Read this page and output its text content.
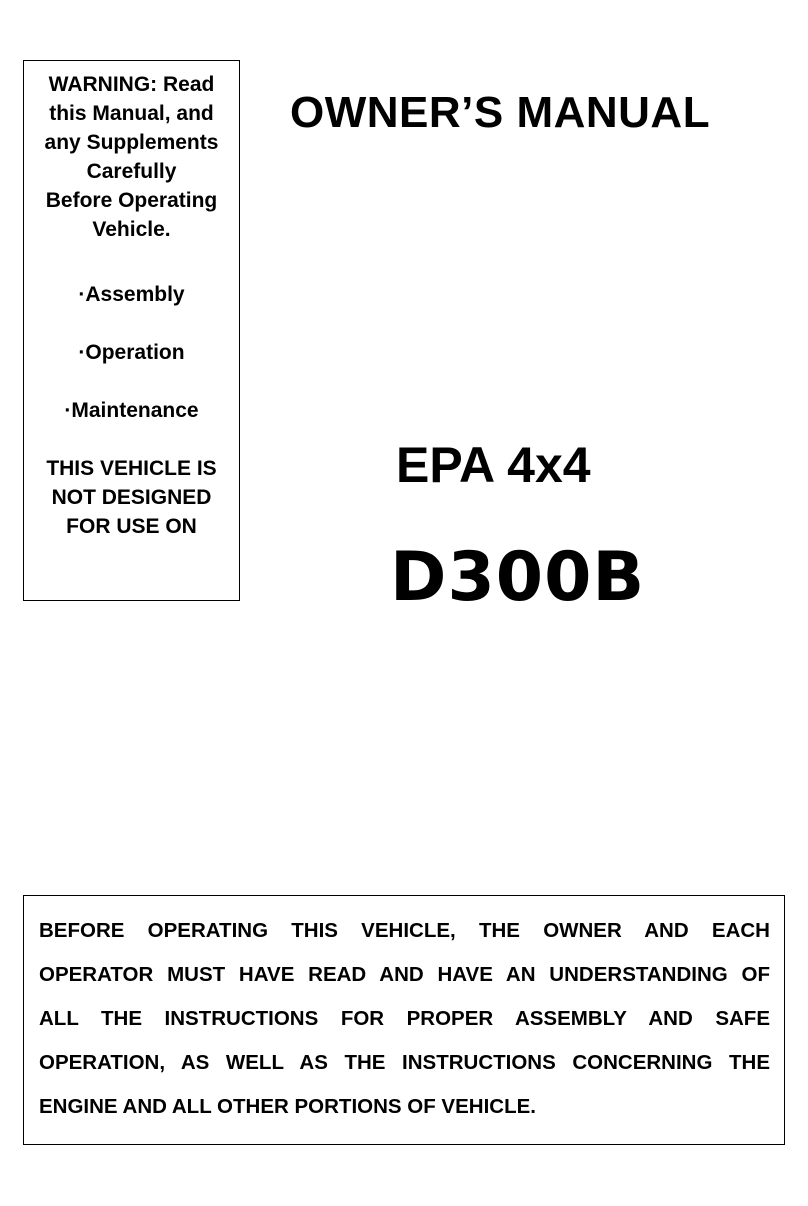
WARNING: Read
this Manual, and
any Supplements
Carefully
Before Operating
Vehicle.
·Assembly
·Operation
·Maintenance
THIS VEHICLE IS
NOT DESIGNED
FOR USE ON
OWNER’S MANUAL
EPA 4x4
D300B
BEFORE OPERATING THIS VEHICLE, THE OWNER AND EACH
OPERATOR MUST HAVE READ AND HAVE AN UNDERSTANDING OF
ALL THE INSTRUCTIONS FOR PROPER ASSEMBLY AND SAFE
OPERATION, AS WELL AS THE INSTRUCTIONS CONCERNING THE
ENGINE AND ALL OTHER PORTIONS OF VEHICLE.
